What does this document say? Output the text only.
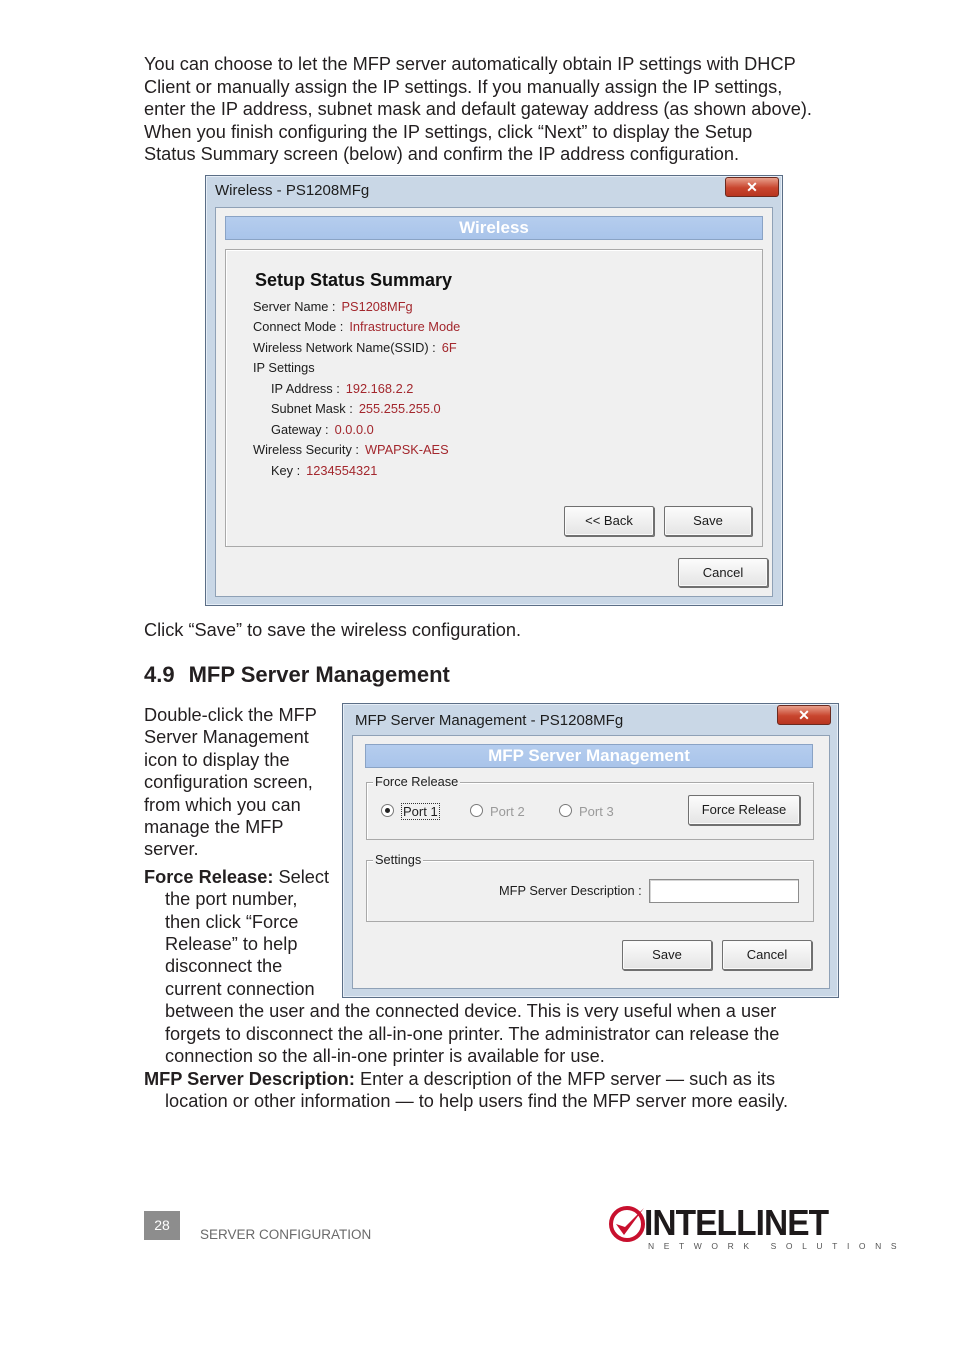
You can choose to let the MFP server automatically obtain IP settings with DHCP
Client or manually assign the IP settings. If you manually assign the IP settings,
enter the IP address, subnet mask and default gateway address (as shown above).
When you finish configuring the IP settings, click “Next” to display the Setup
Status Summary screen (below) and confirm the IP address configuration.
Wireless - PS1208MFg	✕
Wireless
Setup Status Summary
Server Name : PS1208MFg
Connect Mode : Infrastructure Mode
Wireless Network Name(SSID) : 6F
IP Settings
IP Address : 192.168.2.2
Subnet Mask : 255.255.255.0
Gateway : 0.0.0.0
Wireless Security : WPAPSK-AES
Key : 1234554321
<< Back	Save
Cancel
Click “Save” to save the wireless configuration.
4.9 MFP Server Management
Double-click the MFP
Server Management
icon to display the
configuration screen,
from which you can
manage the MFP
server.
Force Release: Select
the port number,
then click “Force
Release” to help
disconnect the
current connection
between the user and the connected device. This is very useful when a user
forgets to disconnect the all-in-one printer. The administrator can release the
connection so the all-in-one printer is available for use.
MFP Server Description: Enter a description of the MFP server — such as its
location or other information — to help users find the MFP server more easily.
MFP Server Management - PS1208MFg	✕
MFP Server Management
Force Release
Port 1	Port 2	Port 3	Force Release
Settings
MFP Server Description :
Save	Cancel
28
SERVER CONFIGURATION	INTELLINET
NETWORK SOLUTIONS
